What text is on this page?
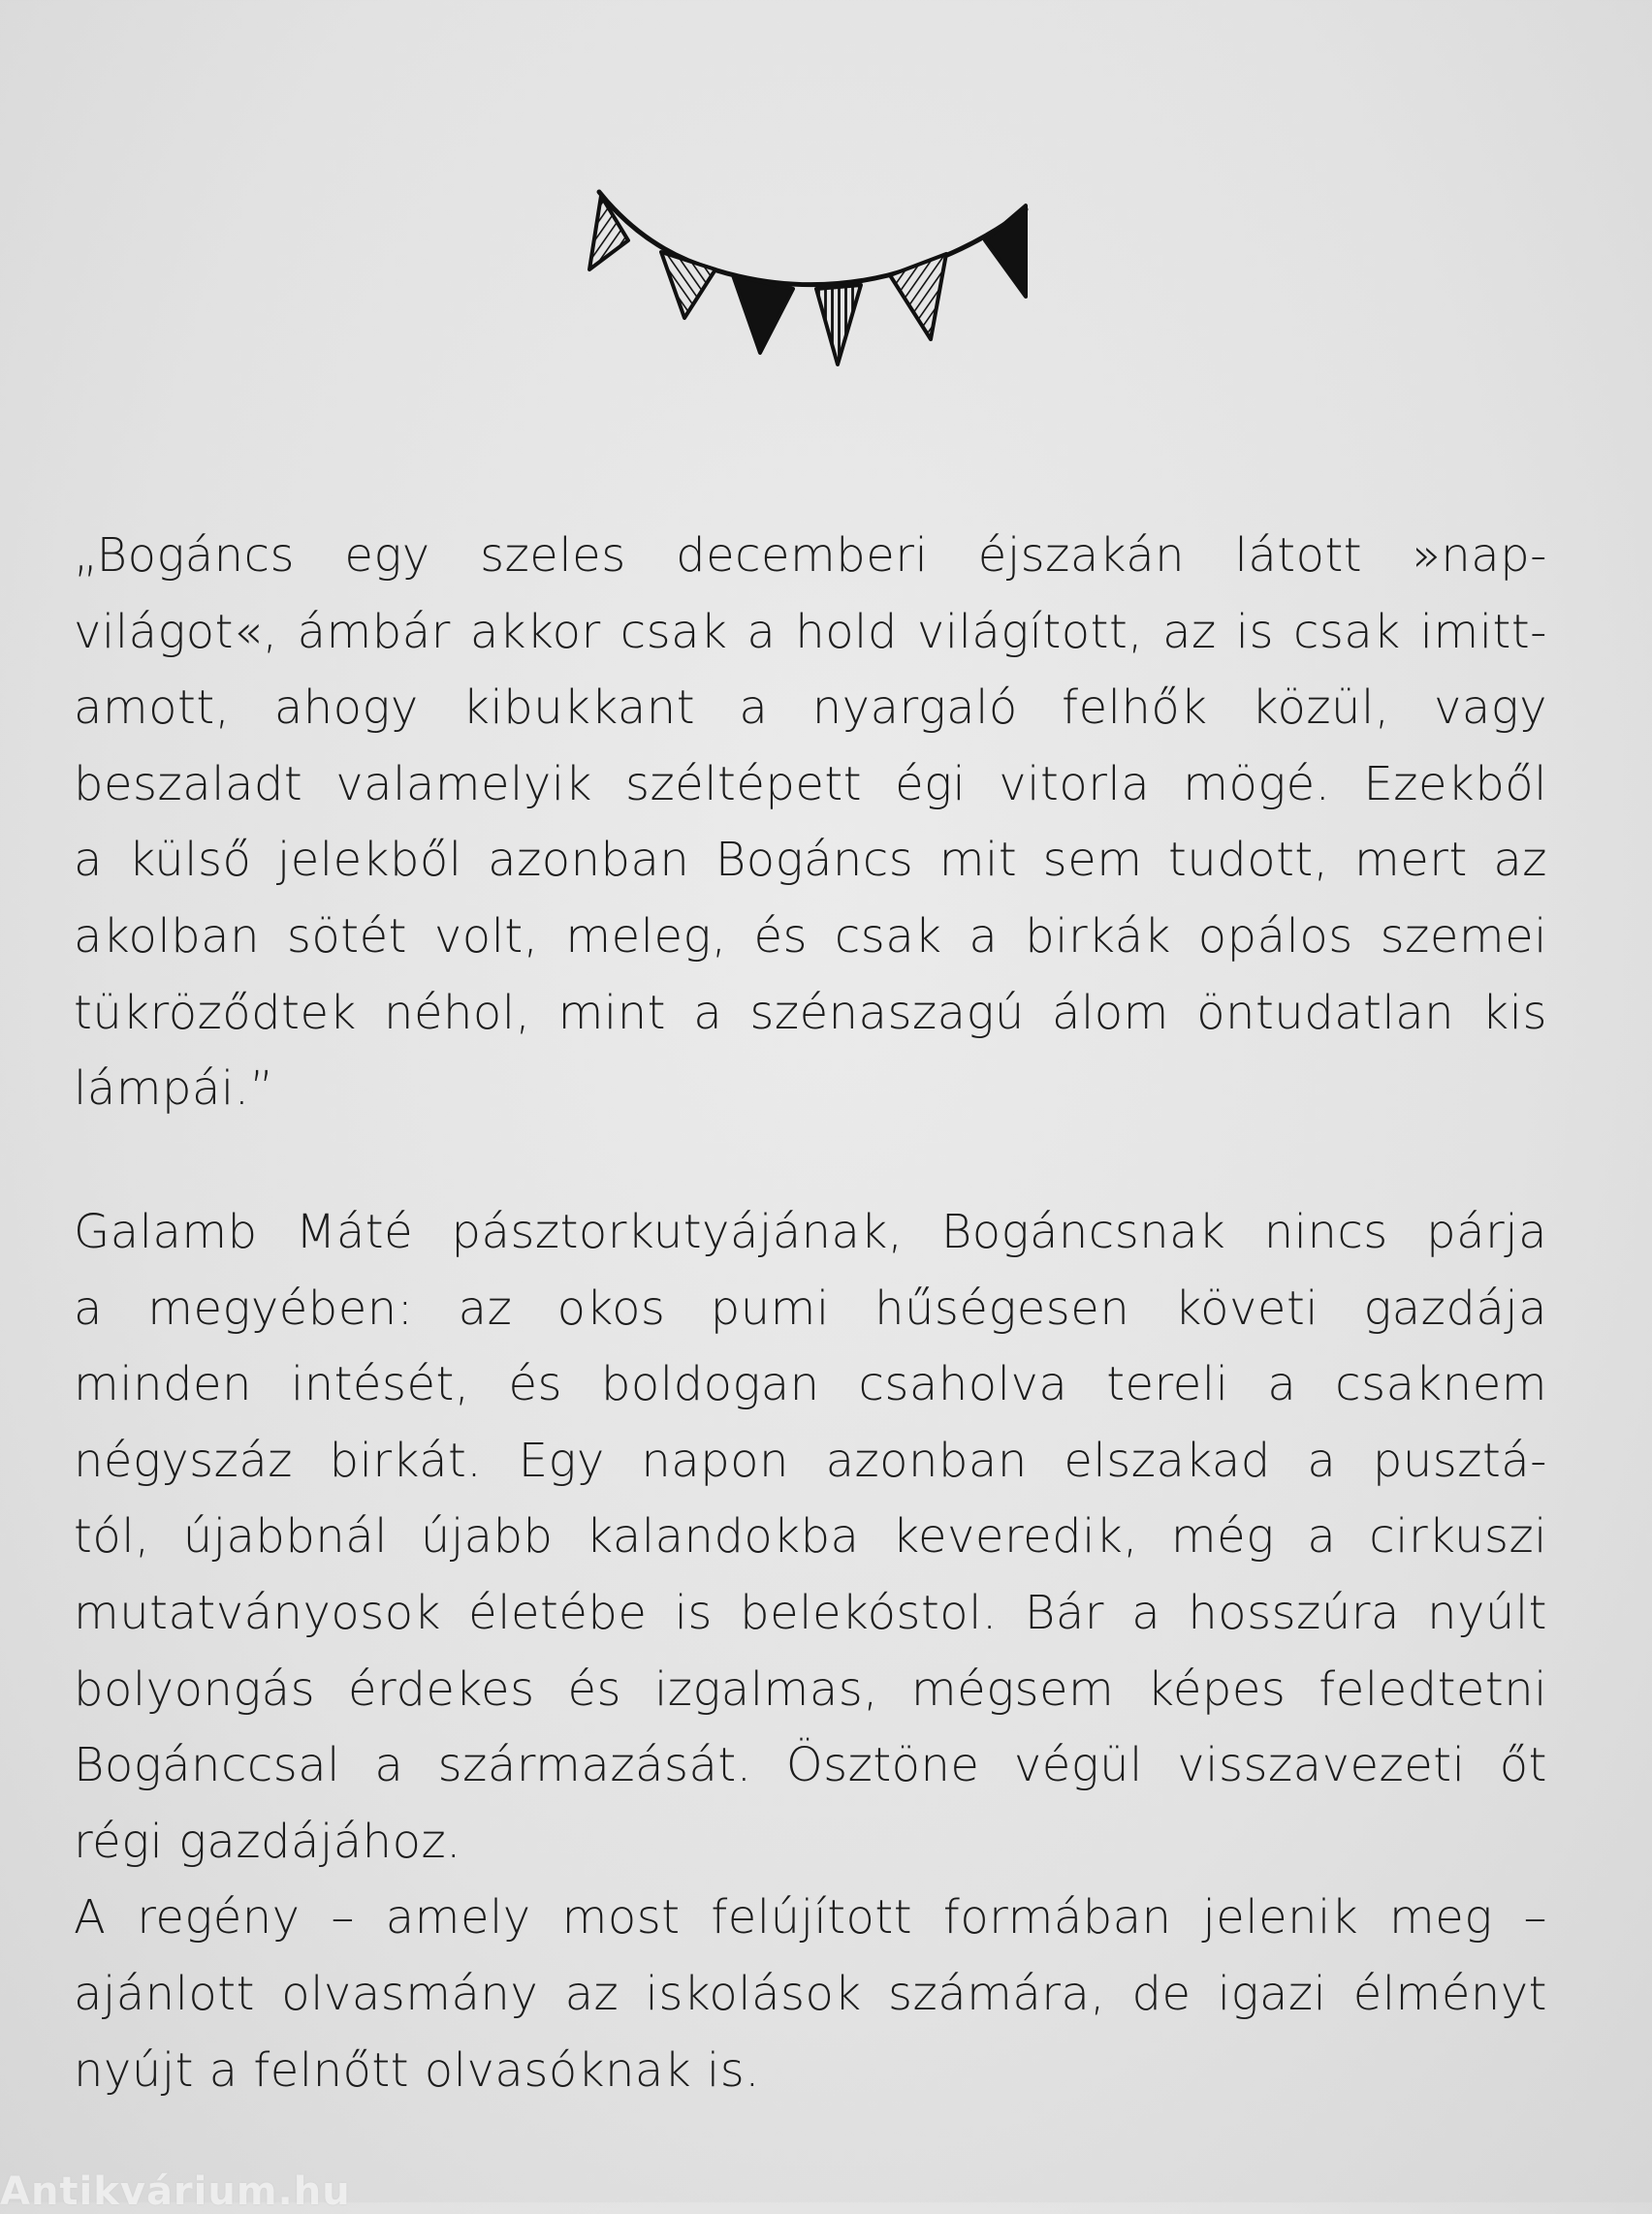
„Bogáncs egy szeles decemberi éjszakán látott »nap-
világot«, ámbár akkor csak a hold világított, az is csak imitt-
amott, ahogy kibukkant a nyargaló felhők közül, vagy
beszaladt valamelyik széltépett égi vitorla mögé. Ezekből
a külső jelekből azonban Bogáncs mit sem tudott, mert az
akolban sötét volt, meleg, és csak a birkák opálos szemei
tükröződtek néhol, mint a szénaszagú álom öntudatlan kis
lámpái.”
Galamb Máté pásztorkutyájának, Bogáncsnak nincs párja
a megyében: az okos pumi hűségesen követi gazdája
minden intését, és boldogan csaholva tereli a csaknem
négyszáz birkát. Egy napon azonban elszakad a pusztá-
tól, újabbnál újabb kalandokba keveredik, még a cirkuszi
mutatványosok életébe is belekóstol. Bár a hosszúra nyúlt
bolyongás érdekes és izgalmas, mégsem képes feledtetni
Bogánccsal a származását. Ösztöne végül visszavezeti őt
régi gazdájához.
A regény – amely most felújított formában jelenik meg –
ajánlott olvasmány az iskolások számára, de igazi élményt
nyújt a felnőtt olvasóknak is.
Antikvárium.hu
